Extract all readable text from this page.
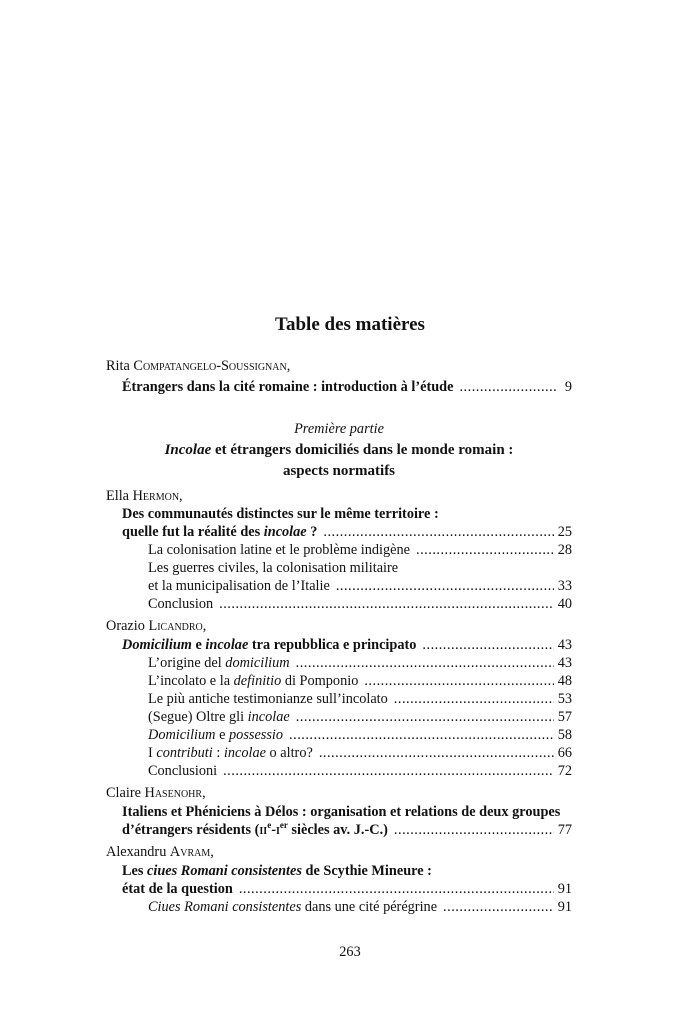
Table des matières
Rita Compatangelo-Soussignan,
Étrangers dans la cité romaine : introduction à l’étude .....	9
Première partie
Incolae et étrangers domiciliés dans le monde romain :
aspects normatifs
Ella Hermon,
Des communautés distinctes sur le même territoire :
quelle fut la réalité des incolae ? .....	25
La colonisation latine et le problème indigène .....	28
Les guerres civiles, la colonisation militaire
et la municipalisation de l’Italie .....	33
Conclusion .....	40
Orazio Licandro,
Domicilium e incolae tra repubblica e principato .....	43
L’origine del domicilium .....	43
L’incolato e la definitio di Pomponio .....	48
Le più antiche testimonianze sull’incolato .....	53
(Segue) Oltre gli incolae .....	57
Domicilium e possessio .....	58
I contributi : incolae o altro? .....	66
Conclusioni .....	72
Claire Hasenohr,
Italiens et Phéniciens à Délos : organisation et relations de deux groupes
d’étrangers résidents ($ii^e-i^{er}$ siècles av. J.-C.) .....	77
Alexandru Avram,
Les ciues Romani consistentes de Scythie Mineure :
état de la question .....	91
Ciues Romani consistentes dans une cité pérégrine .....	91
263
